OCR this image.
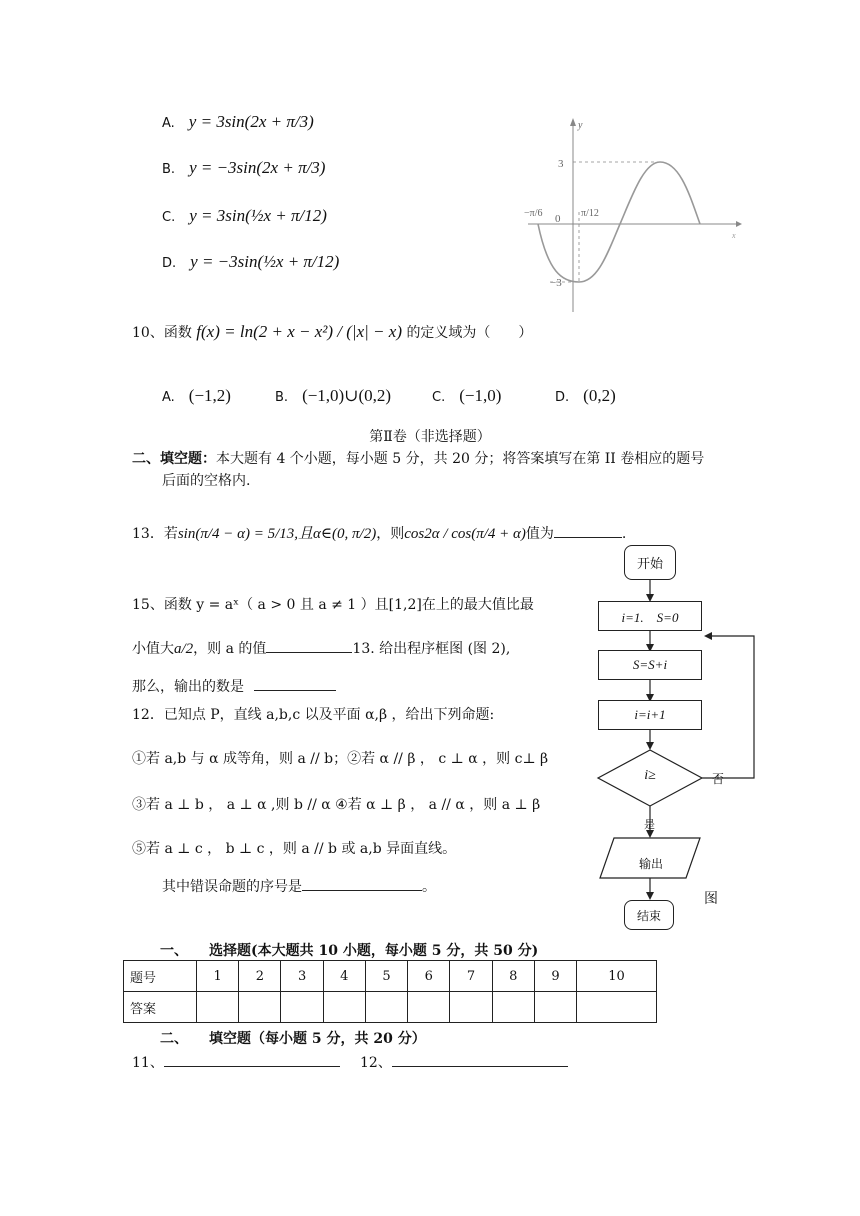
A. y = 3sin(2x + π/3)
B. y = −3sin(2x + π/3)
C. y = 3sin(½x + π/12)
D. y = −3sin(½x + π/12)
y
x
0
−π/6	π/12
3
−3
10、函数 f(x) = ln(2 + x − x²) / (|x| − x) 的定义域为（　　）
A. (−1,2)	B. (−1,0)∪(0,2)	C. (−1,0)	D. (0,2)
第Ⅱ卷（非选择题）
二、填空题：本大题有 4 个小题，每小题 5 分，共 20 分；将答案填写在第 II 卷相应的题号
后面的空格内.
13．若sin(π/4 − α) = 5/13,且α∈(0, π/2)，则cos2α / cos(π/4 + α)值为	.
15、函数 y = aˣ（ a > 0 且 a ≠ 1 ）且[1,2]在上的最大值比最
小值大a/2，则 a 的值	13. 给出程序框图 (图 2),
那么，输出的数是
12．已知点 P，直线 a,b,c 以及平面 α,β ，给出下列命题:
①若 a,b 与 α 成等角，则 a // b；②若 α // β ， c ⊥ α ，则 c⊥ β
③若 a ⊥ b ， a ⊥ α ,则 b // α ④若 α ⊥ β ， a // α ，则 a ⊥ β
⑤若 a ⊥ c ， b ⊥ c ，则 a // b 或 a,b 异面直线。
其中错误命题的序号是	。
开始
i=1.　S=0
S=S+i
i=i+1
i≥	否
是
输出
结束
图
一、　　选择题(本大题共 10 小题，每小题 5 分，共 50 分)
题号	1	2	3	4	5	6	7	8	9	10
答案										
二、　　填空题（每小题 5 分，共 20 分）
11、	12、
